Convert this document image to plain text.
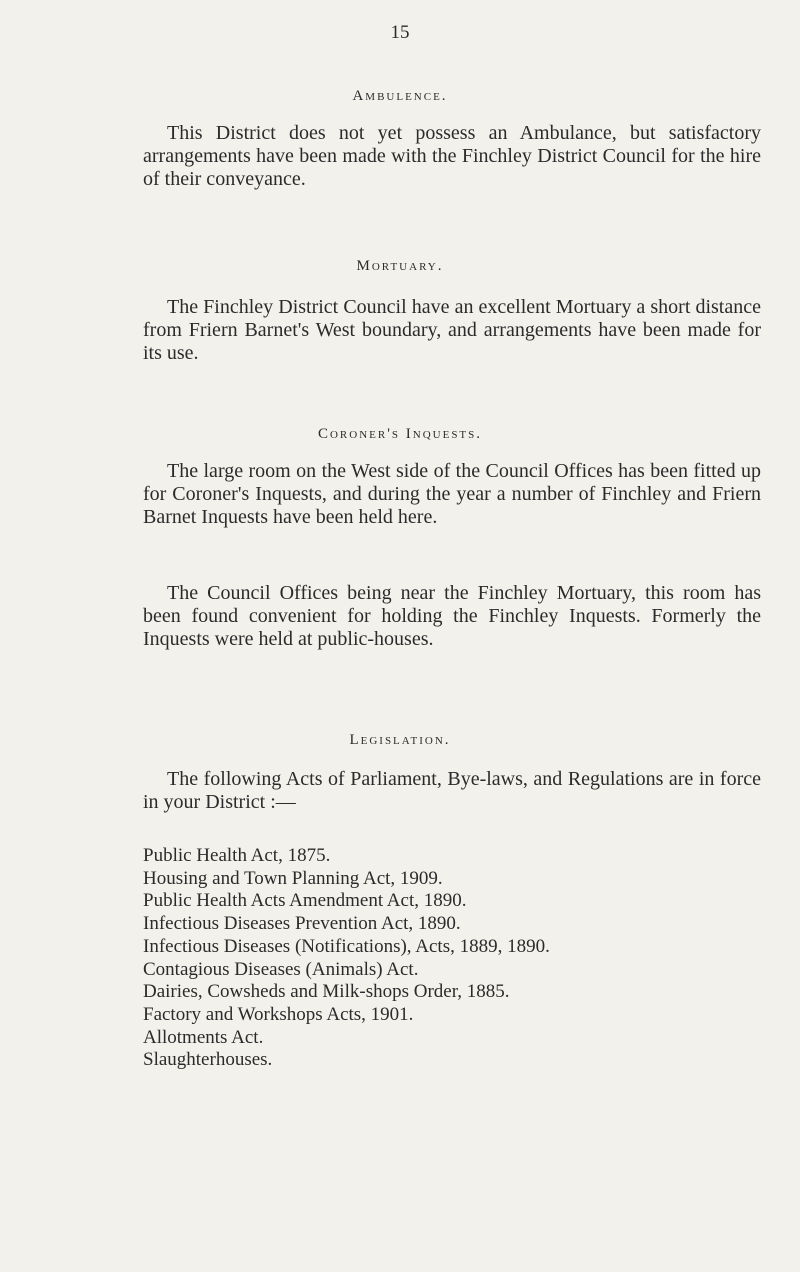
15
Ambulence.

This District does not yet possess an Ambulance, but satisfactory arrangements have been made with the Finchley District Council for the hire of their conveyance.

Mortuary.

The Finchley District Council have an excellent Mortuary a short distance from Friern Barnet's West boundary, and arrangements have been made for its use.

Coroner's Inquests.

The large room on the West side of the Council Offices has been fitted up for Coroner's Inquests, and during the year a number of Finchley and Friern Barnet Inquests have been held here.

The Council Offices being near the Finchley Mortuary, this room has been found convenient for holding the Finchley Inquests. Formerly the Inquests were held at public-houses.

Legislation.

The following Acts of Parliament, Bye-laws, and Regulations are in force in your District :—

Public Health Act, 1875.
Housing and Town Planning Act, 1909.
Public Health Acts Amendment Act, 1890.
Infectious Diseases Prevention Act, 1890.
Infectious Diseases (Notifications), Acts, 1889, 1890.
Contagious Diseases (Animals) Act.
Dairies, Cowsheds and Milk-shops Order, 1885.
Factory and Workshops Acts, 1901.
Allotments Act.
Slaughterhouses.
